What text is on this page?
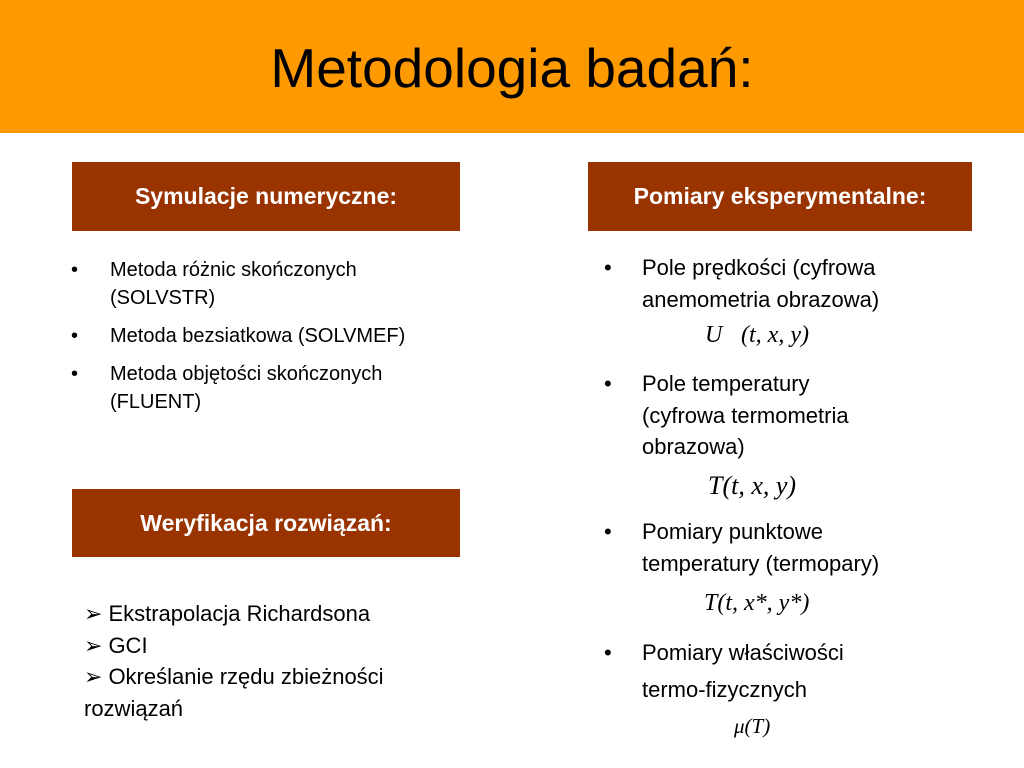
Metodologia badań:
Symulacje numeryczne:
• Metoda różnic skończonych
(SOLVSTR)
• Metoda bezsiatkowa (SOLVMEF)
• Metoda objętości skończonych
(FLUENT)
Weryfikacja rozwiązań:
➢ Ekstrapolacja Richardsona
➢ GCI
➢ Określanie rzędu zbieżności
rozwiązań
Pomiary eksperymentalne:
• Pole prędkości (cyfrowa
anemometria obrazowa)
U⃗(t, x, y)
• Pole temperatury
(cyfrowa termometria
obrazowa)
T(t, x, y)
• Pomiary punktowe
temperatury (termopary)
T(t, x*, y*)
• Pomiary właściwości
termo-fizycznych
μ(T)
